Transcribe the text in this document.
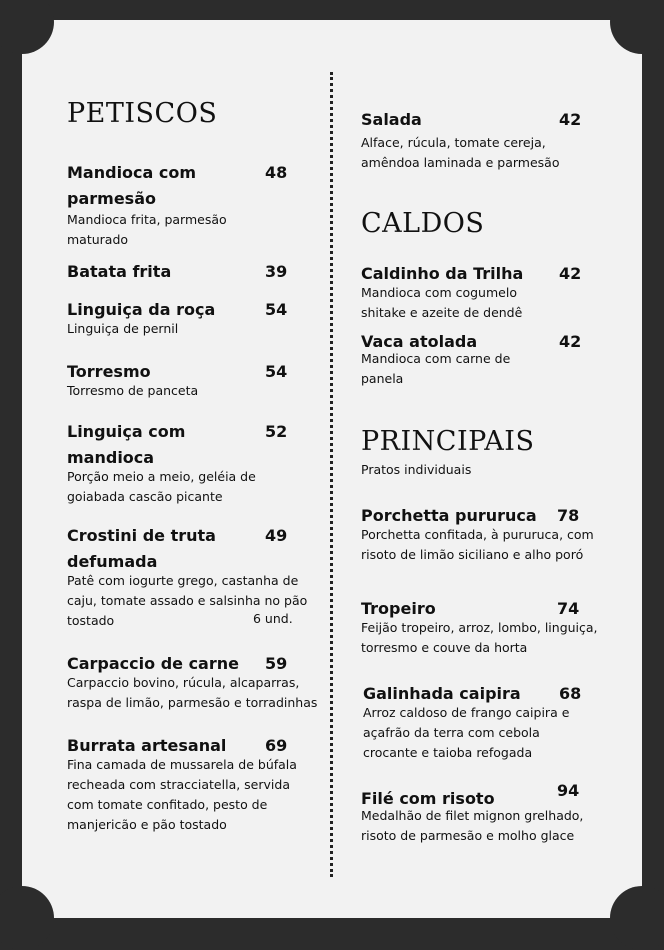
PETISCOS
Mandioca com parmesão
48
Mandioca frita, parmesão maturado
Batata frita	39
Linguiça da roça	54
Linguiça de pernil
Torresmo	54
Torresmo de panceta
Linguiça com mandioca
52
Porção meio a meio, geléia de goiabada cascão picante
Crostini de truta defumada
49
Patê com iogurte grego, castanha de caju, tomate assado e salsinha no pão tostado	6 und.
Carpaccio de carne	59
Carpaccio bovino, rúcula, alcaparras, raspa de limão, parmesão e torradinhas
Burrata artesanal	69
Fina camada de mussarela de búfala recheada com stracciatella, servida com tomate confitado, pesto de manjericão e pão tostado
Salada	42
Alface, rúcula, tomate cereja, amêndoa laminada e parmesão
CALDOS
Caldinho da Trilha	42
Mandioca com cogumelo shitake e azeite de dendê
Vaca atolada	42
Mandioca com carne de panela
PRINCIPAIS
Pratos individuais
Porchetta pururuca	78
Porchetta confitada, à pururuca, com risoto de limão siciliano e alho poró
Tropeiro	74
Feijão tropeiro, arroz, lombo, linguiça, torresmo e couve da horta
Galinhada caipira	68
Arroz caldoso de frango caipira e açafrão da terra com cebola crocante e taioba refogada
Filé com risoto	94
Medalhão de filet mignon grelhado, risoto de parmesão e molho glace
